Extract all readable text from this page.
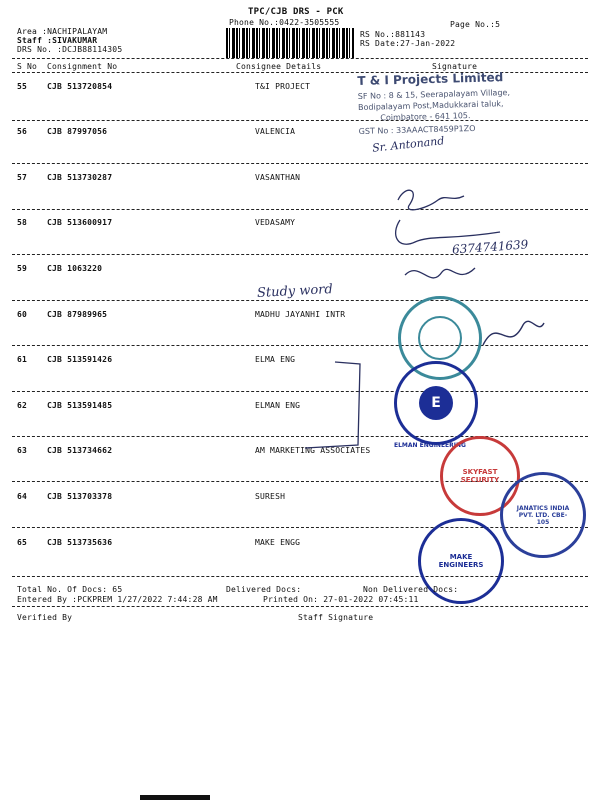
TPC/CJB DRS - PCK
Phone No.:0422-3505555	Page No.:5
Area :NACHIPALAYAM
Staff :SIVAKUMAR
DRS No. :DCJB88114305
RS No.:881143
RS Date:27-Jan-2022
S No Consignment No	Consignee Details	Signature
55 CJB 513720854	T&I PROJECT
56 CJB 87997056	VALENCIA
57 CJB 513730287	VASANTHAN
58 CJB 513600917	VEDASAMY
59 CJB 1063220
60 CJB 87989965	MADHU JAYANHI INTR
61 CJB 513591426	ELMA ENG
62 CJB 513591485	ELMAN ENG
63 CJB 513734662	AM MARKETING ASSOCIATES
64 CJB 513703378	SURESH
65 CJB 513735636	MAKE ENGG
T & I Projects Limited
SF No : 8 & 15, Seerapalayam Village,
Bodipalayam Post,Madukkarai taluk,
Coimbatore - 641 105.
GST No : 33AAACT8459P1ZO
Sr. Antonand
6374741639
Study word
E
ELMAN ENGINEERING
SKYFAST SECURITY
JANATICS INDIA PVT. LTD. CBE-105
MAKE ENGINEERS
Total No. Of Docs: 65	Delivered Docs:	Non Delivered Docs:
Entered By :PCKPREM 1/27/2022 7:44:28 AM	Printed On: 27-01-2022 07:45:11
Verified By	Staff Signature
